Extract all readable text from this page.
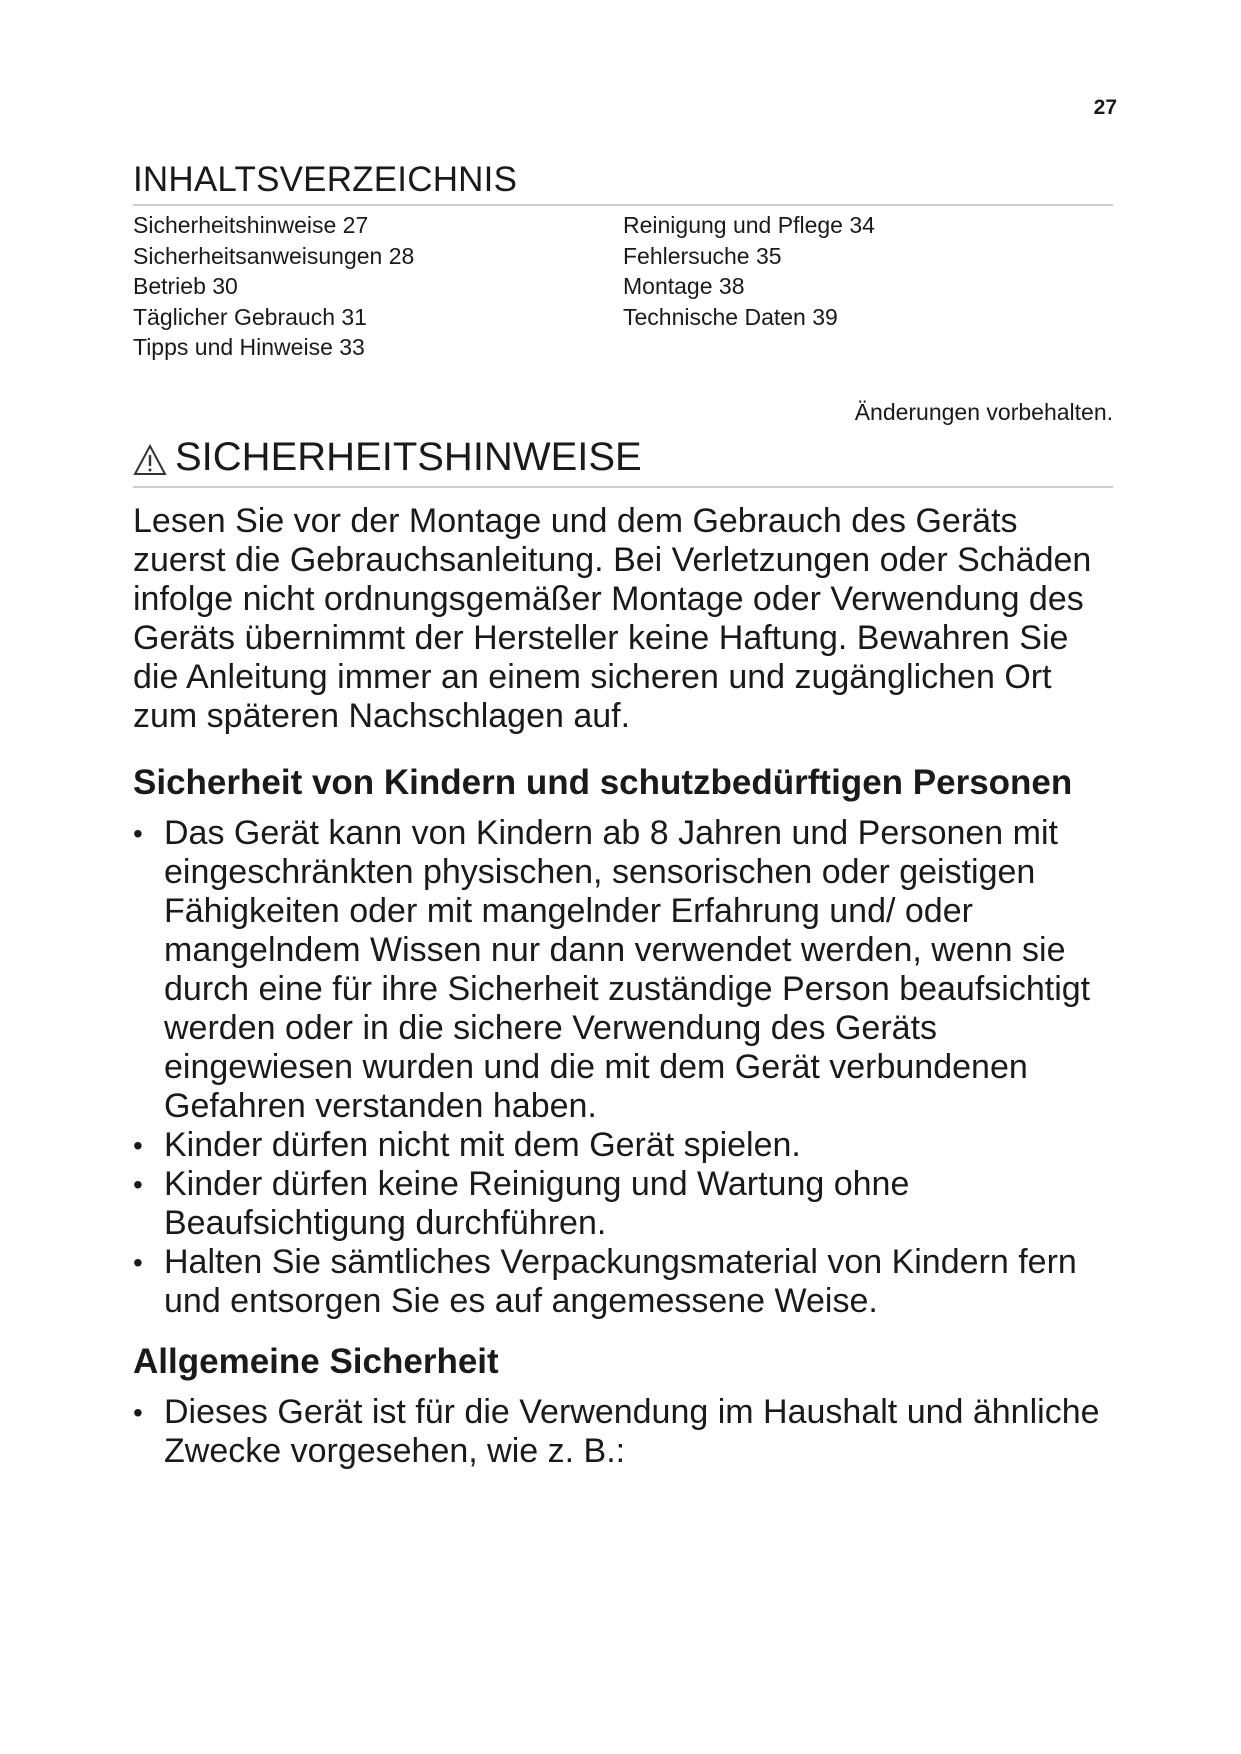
27
INHALTSVERZEICHNIS
Sicherheitshinweise 27
Sicherheitsanweisungen 28
Betrieb 30
Täglicher Gebrauch 31
Tipps und Hinweise 33
Reinigung und Pflege 34
Fehlersuche 35
Montage 38
Technische Daten 39
Änderungen vorbehalten.
SICHERHEITSHINWEISE

Lesen Sie vor der Montage und dem Gebrauch des Geräts zuerst die Gebrauchsanleitung. Bei Verletzungen oder Schäden infolge nicht ordnungsgemäßer Montage oder Verwendung des Geräts übernimmt der Hersteller keine Haftung. Bewahren Sie die Anleitung immer an einem sicheren und zugänglichen Ort zum späteren Nachschlagen auf.

Sicherheit von Kindern und schutzbedürftigen Personen
• Das Gerät kann von Kindern ab 8 Jahren und Personen mit eingeschränkten physischen, sensorischen oder geistigen Fähigkeiten oder mit mangelnder Erfahrung und/ oder mangelndem Wissen nur dann verwendet werden, wenn sie durch eine für ihre Sicherheit zuständige Person beaufsichtigt werden oder in die sichere Verwendung des Geräts eingewiesen wurden und die mit dem Gerät verbundenen Gefahren verstanden haben.
• Kinder dürfen nicht mit dem Gerät spielen.
• Kinder dürfen keine Reinigung und Wartung ohne Beaufsichtigung durchführen.
• Halten Sie sämtliches Verpackungsmaterial von Kindern fern und entsorgen Sie es auf angemessene Weise.
Allgemeine Sicherheit
• Dieses Gerät ist für die Verwendung im Haushalt und ähnliche Zwecke vorgesehen, wie z. B.:
